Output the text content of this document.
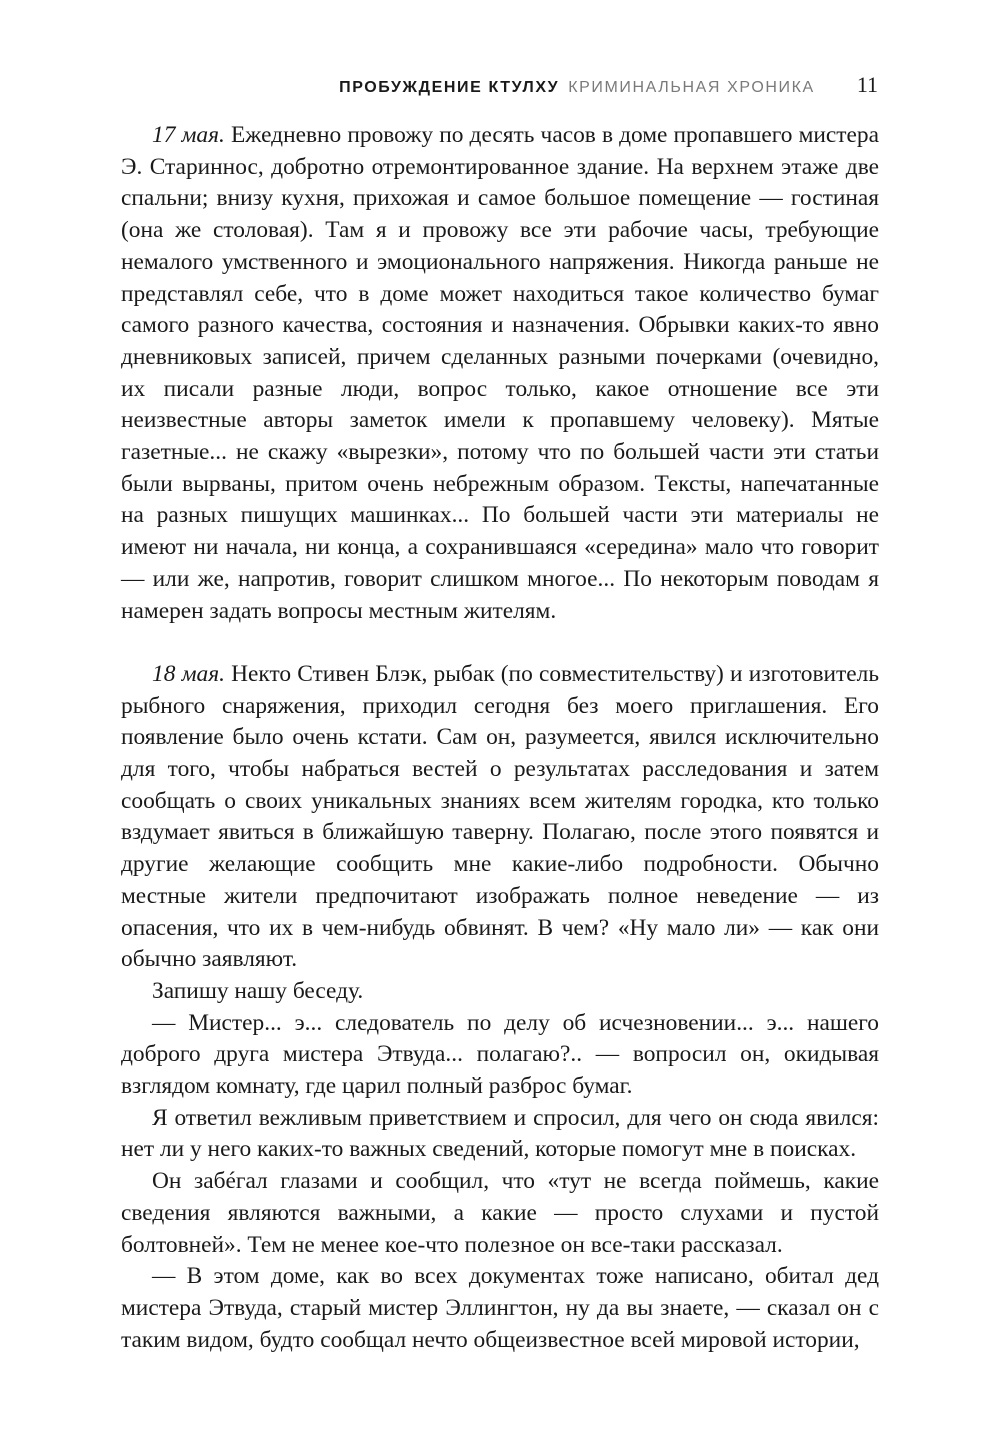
ПРОБУЖДЕНИЕ КТУЛХУ КРИМИНАЛЬНАЯ ХРОНИКА 11

17 мая. Ежедневно провожу по десять часов в доме пропавшего мистера Э. Стариннос, добротно отремонтированное здание. На верхнем этаже две спальни; внизу кухня, прихожая и самое большое помещение — гостиная (она же столовая). Там я и провожу все эти рабочие часы, требующие немалого умственного и эмоционального напряжения. Никогда раньше не представлял себе, что в доме может находиться такое количество бумаг самого разного качества, состояния и назначения. Обрывки каких-то явно дневниковых записей, причем сделанных разными почерками (очевидно, их писали разные люди, вопрос только, какое отношение все эти неизвестные авторы заметок имели к пропавшему человеку). Мятые газетные... не скажу «вырезки», потому что по большей части эти статьи были вырваны, притом очень небрежным образом. Тексты, напечатанные на разных пишущих машинках... По большей части эти материалы не имеют ни начала, ни конца, а сохранившаяся «середина» мало что говорит — или же, напротив, говорит слишком многое... По некоторым поводам я намерен задать вопросы местным жителям.

18 мая. Некто Стивен Блэк, рыбак (по совместительству) и изготовитель рыбного снаряжения, приходил сегодня без моего приглашения. Его появление было очень кстати. Сам он, разумеется, явился исключительно для того, чтобы набраться вестей о результатах расследования и затем сообщать о своих уникальных знаниях всем жителям городка, кто только вздумает явиться в ближайшую таверну. Полагаю, после этого появятся и другие желающие сообщить мне какие-либо подробности. Обычно местные жители предпочитают изображать полное неведение — из опасения, что их в чем-нибудь обвинят. В чем? «Ну мало ли» — как они обычно заявляют.

Запишу нашу беседу.

— Мистер... э... следователь по делу об исчезновении... э... нашего доброго друга мистера Этвуда... полагаю?.. — вопросил он, окидывая взглядом комнату, где царил полный разброс бумаг.

Я ответил вежливым приветствием и спросил, для чего он сюда явился: нет ли у него каких-то важных сведений, которые помогут мне в поисках.

Он забéгал глазами и сообщил, что «тут не всегда поймешь, какие сведения являются важными, а какие — просто слухами и пустой болтовней». Тем не менее кое-что полезное он все-таки рассказал.

— В этом доме, как во всех документах тоже написано, обитал дед мистера Этвуда, старый мистер Эллингтон, ну да вы знаете, — сказал он с таким видом, будто сообщал нечто общеизвестное всей мировой истории,
